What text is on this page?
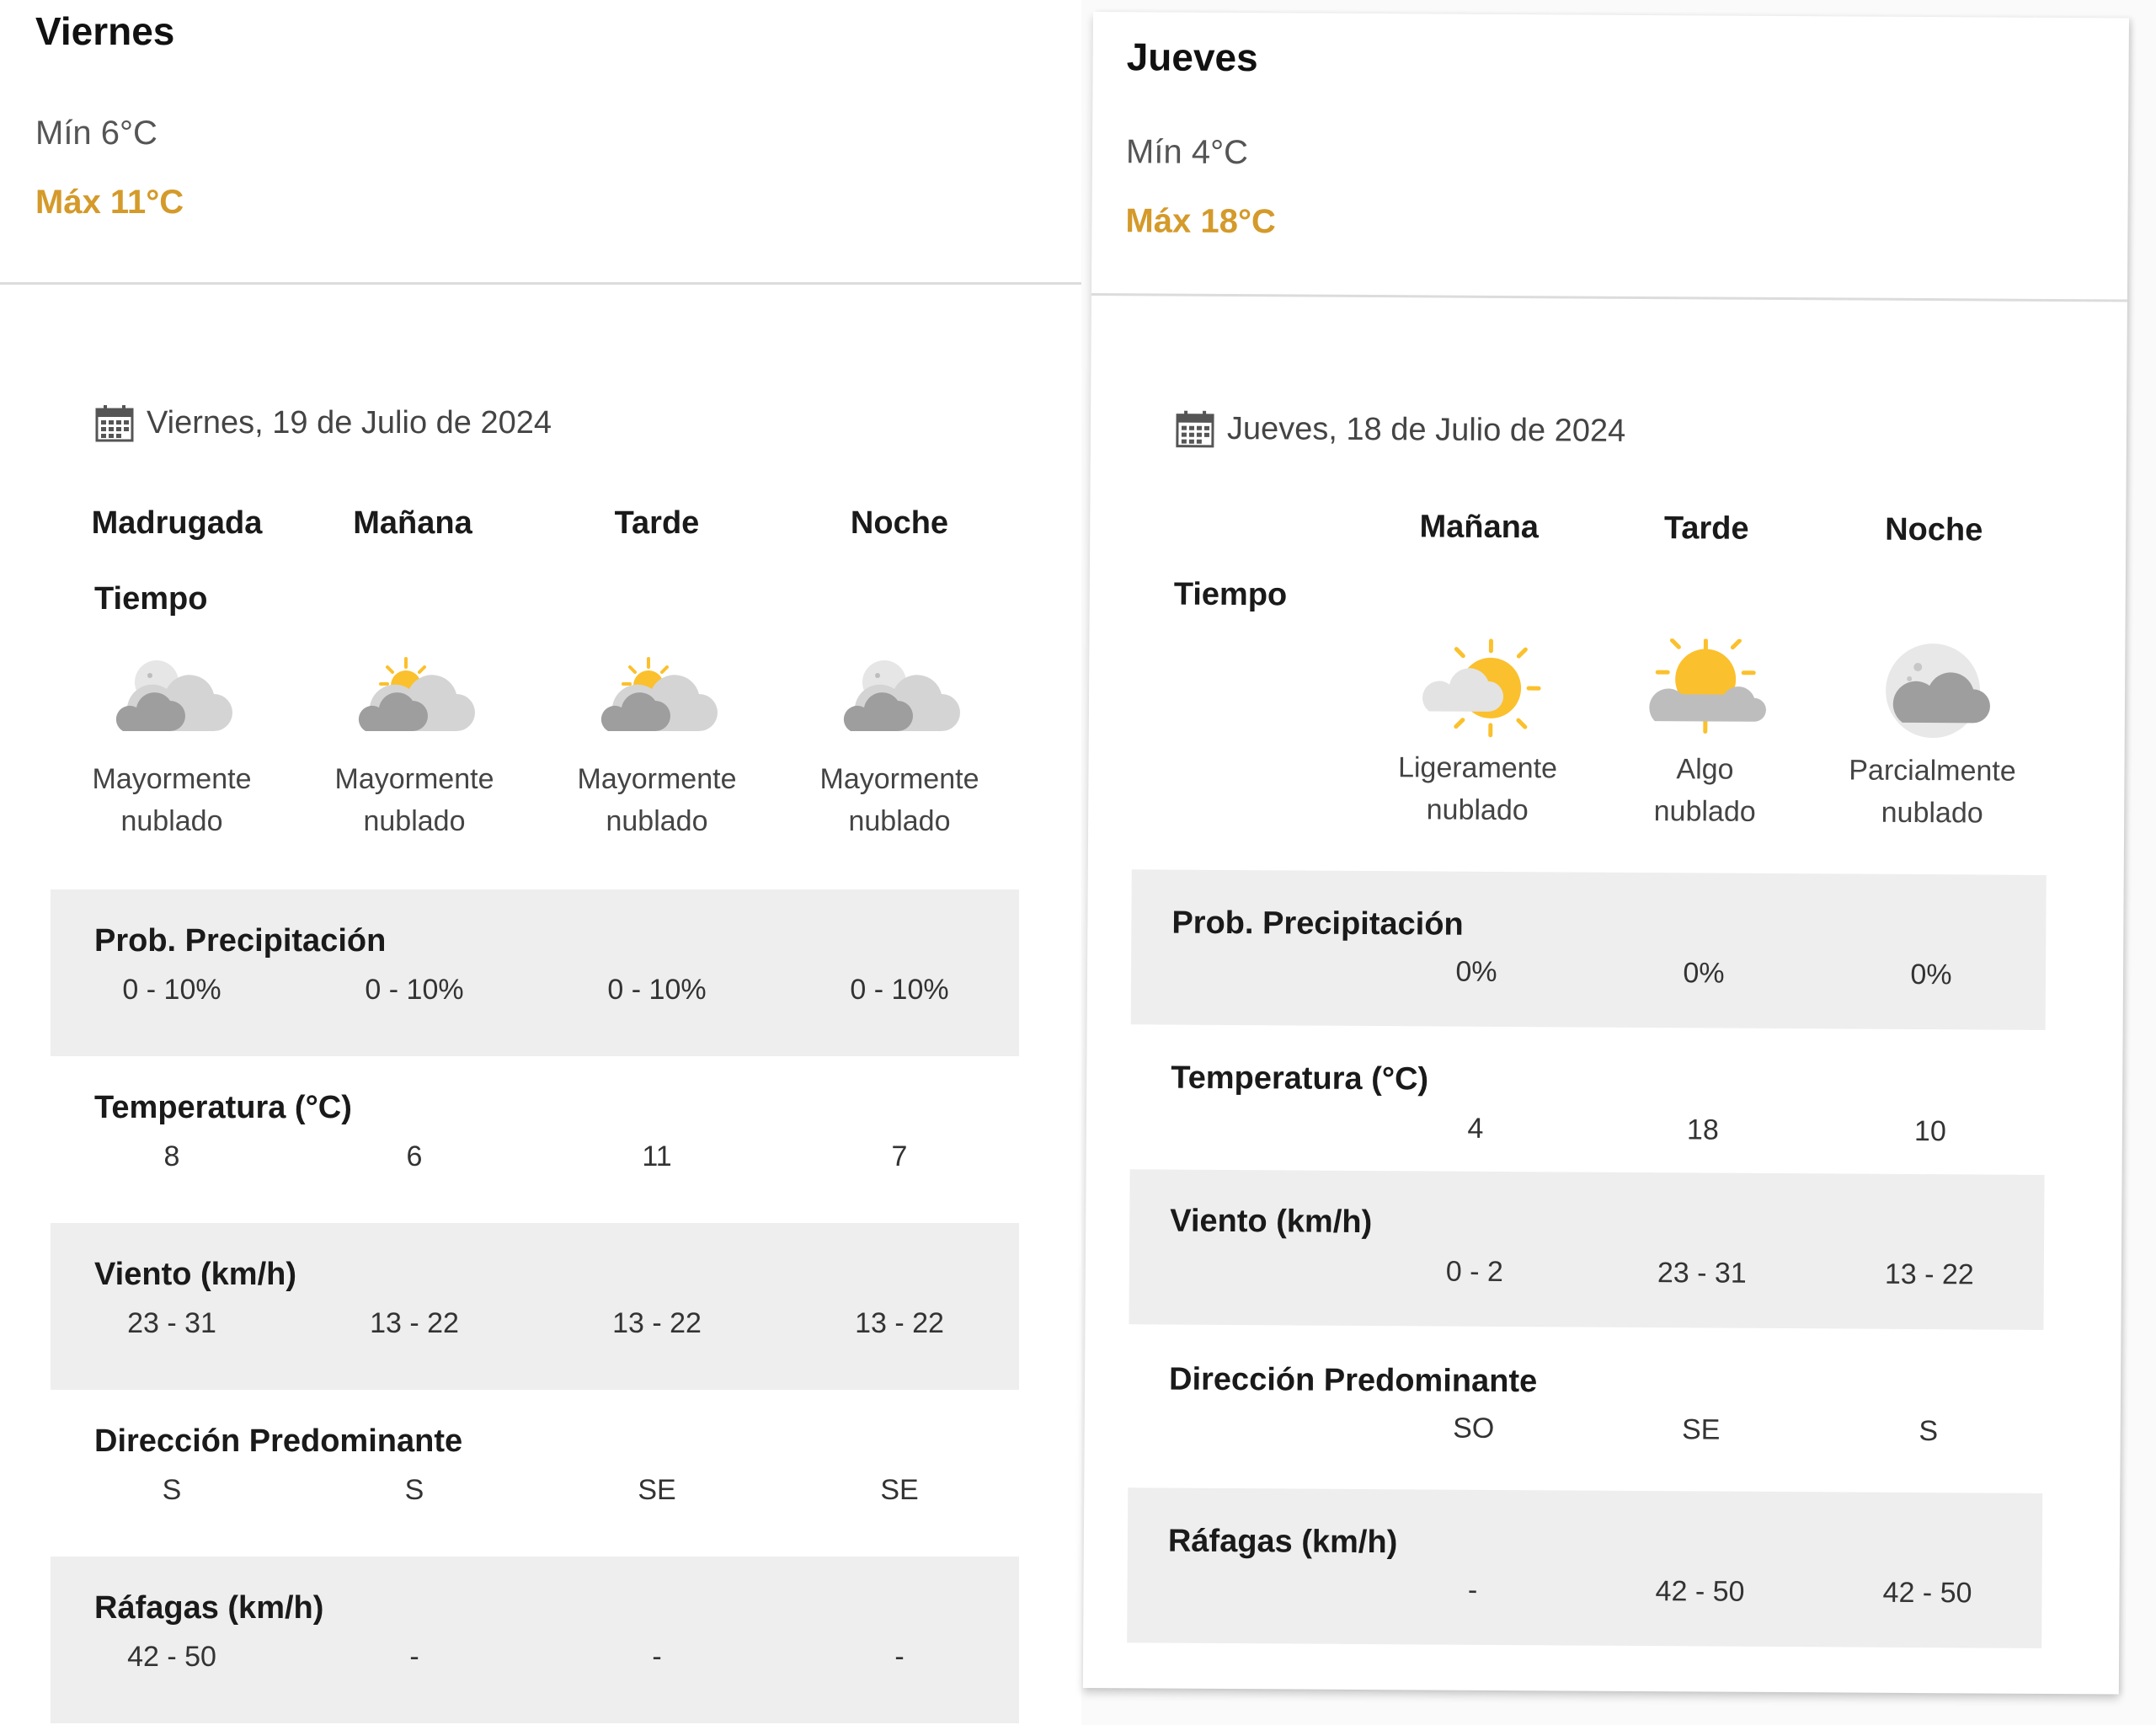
Viernes
Mín 6°C
Máx 11°C
Viernes, 19 de Julio de 2024
Madrugada	Mañana	Tarde	Noche
Tiempo
Mayormente
nublado
Mayormente
nublado
Mayormente
nublado
Mayormente
nublado
Prob. Precipitación
0 - 10%	0 - 10%	0 - 10%	0 - 10%
Temperatura (°C)
8	6	11	7
Viento (km/h)
23 - 31	13 - 22	13 - 22	13 - 22
Dirección Predominante
S	S	SE	SE
Ráfagas (km/h)
42 - 50	-	-	-
Jueves
Mín 4°C
Máx 18°C
Jueves, 18 de Julio de 2024
Mañana	Tarde	Noche
Tiempo
Ligeramente
nublado
Algo
nublado
Parcialmente
nublado
Prob. Precipitación
0%	0%	0%
Temperatura (°C)
4	18	10
Viento (km/h)
0 - 2	23 - 31	13 - 22
Dirección Predominante
SO	SE	S
Ráfagas (km/h)
-	42 - 50	42 - 50
